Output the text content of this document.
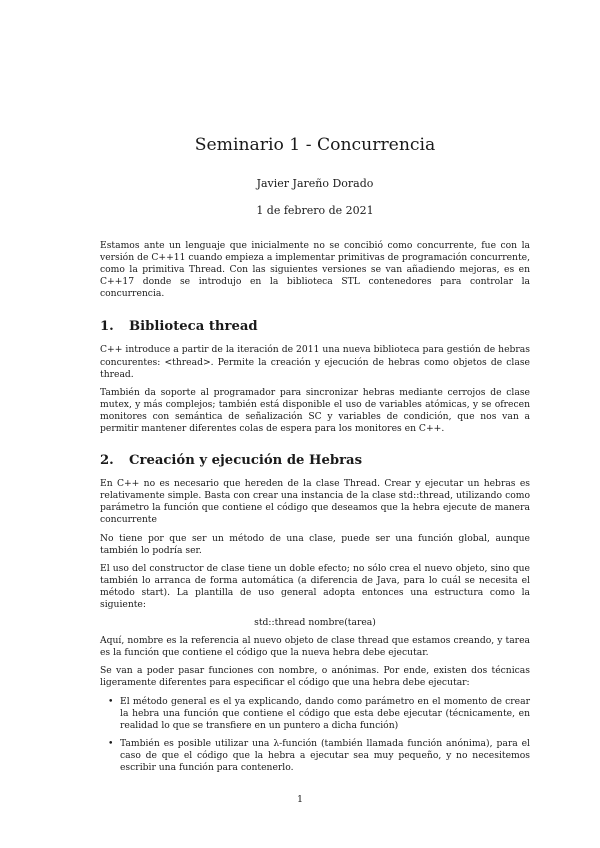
Seminario 1 - Concurrencia
Javier Jareño Dorado
1 de febrero de 2021

Estamos ante un lenguaje que inicialmente no se concibió como concurrente, fue con la versión de C++11 cuando empieza a implementar primitivas de programación concurrente, como la primitiva Thread. Con las siguientes versiones se van añadiendo mejoras, es en C++17 donde se introdujo en la biblioteca STL contenedores para controlar la concurrencia.

1.	Biblioteca thread

C++ introduce a partir de la iteración de 2011 una nueva biblioteca para gestión de hebras concurentes: <thread>. Permite la creación y ejecución de hebras como objetos de clase thread.

También da soporte al programador para sincronizar hebras mediante cerrojos de clase mutex, y más complejos; también está disponible el uso de variables atómicas, y se ofrecen monitores con semántica de señalización SC y variables de condición, que nos van a permitir mantener diferentes colas de espera para los monitores en C++.

2.	Creación y ejecución de Hebras

En C++ no es necesario que hereden de la clase Thread. Crear y ejecutar un hebras es relativamente simple. Basta con crear una instancia de la clase std::thread, utilizando como parámetro la función que contiene el código que deseamos que la hebra ejecute de manera concurrente

No tiene por que ser un método de una clase, puede ser una función global, aunque también lo podría ser.

El uso del constructor de clase tiene un doble efecto; no sólo crea el nuevo objeto, sino que también lo arranca de forma automática (a diferencia de Java, para lo cuál se necesita el método start). La plantilla de uso general adopta entonces una estructura como la siguiente:

std::thread nombre(tarea)

Aquí, nombre es la referencia al nuevo objeto de clase thread que estamos creando, y tarea es la función que contiene el código que la nueva hebra debe ejecutar.

Se van a poder pasar funciones con nombre, o anónimas. Por ende, existen dos técnicas ligeramente diferentes para especificar el código que una hebra debe ejecutar:

• El método general es el ya explicando, dando como parámetro en el momento de crear la hebra una función que contiene el código que esta debe ejecutar (técnicamente, en realidad lo que se transfiere en un puntero a dicha función)
• También es posible utilizar una λ-función (también llamada función anónima), para el caso de que el código que la hebra a ejecutar sea muy pequeño, y no necesitemos escribir una función para contenerlo.
1
